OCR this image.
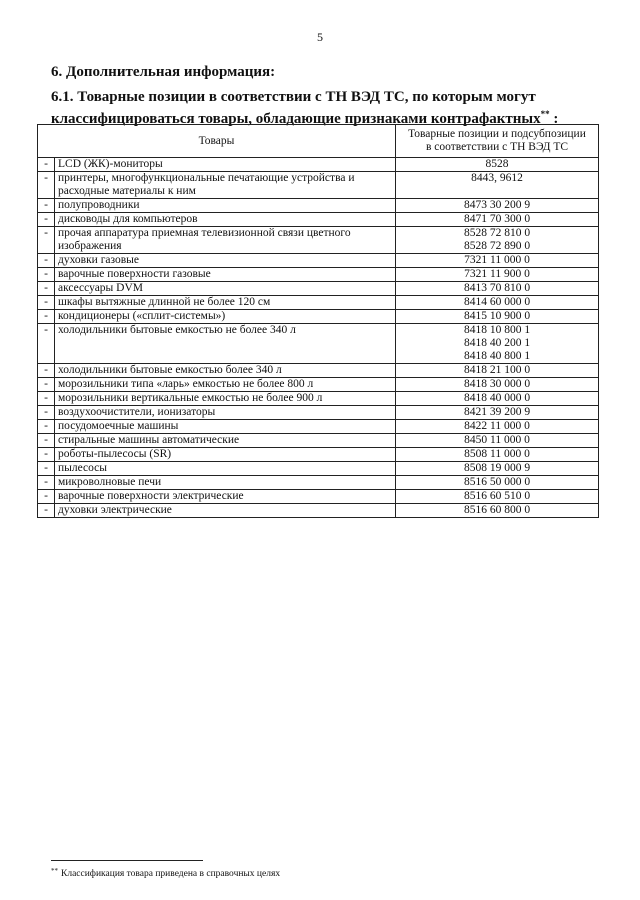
5
6. Дополнительная информация:
6.1. Товарные позиции в соответствии с ТН ВЭД ТС, по которым могут
классифицироваться товары, обладающие признаками контрафактных** :
Товары		Товарные позиции и подсубпозиции
в соответствии с ТН ВЭД ТС

-	LCD (ЖК)-мониторы	8528

-	принтеры, многофункциональные печатающие устройства и расходные материалы к ним	8443, 9612

-	полупроводники	8473 30 200 9

-	дисководы для компьютеров	8471 70 300 0

-	прочая аппаратура приемная телевизионной связи цветного изображения	8528 72 810 0
8528 72 890 0

-	духовки газовые	7321 11 000 0

-	варочные поверхности газовые	7321 11 900 0

-	аксессуары DVM	8413 70 810 0

-	шкафы вытяжные длинной не более 120 см	8414 60 000 0

-	кондиционеры («сплит-системы»)	8415 10 900 0

-	холодильники бытовые емкостью не более 340 л	8418 10 800 1
8418 40 200 1
8418 40 800 1

-	холодильники бытовые емкостью более 340 л	8418 21 100 0

-	морозильники типа «ларь» емкостью не более 800 л	8418 30 000 0

-	морозильники вертикальные емкостью не более 900 л	8418 40 000 0

-	воздухоочистители, ионизаторы	8421 39 200 9

-	посудомоечные машины	8422 11 000 0

-	стиральные машины автоматические	8450 11 000 0

-	роботы-пылесосы (SR)	8508 11 000 0

-	пылесосы	8508 19 000 9

-	микроволновые печи	8516 50 000 0

-	варочные поверхности электрические	8516 60 510 0

-	духовки электрические	8516 60 800 0
** Классификация товара приведена в справочных целях
